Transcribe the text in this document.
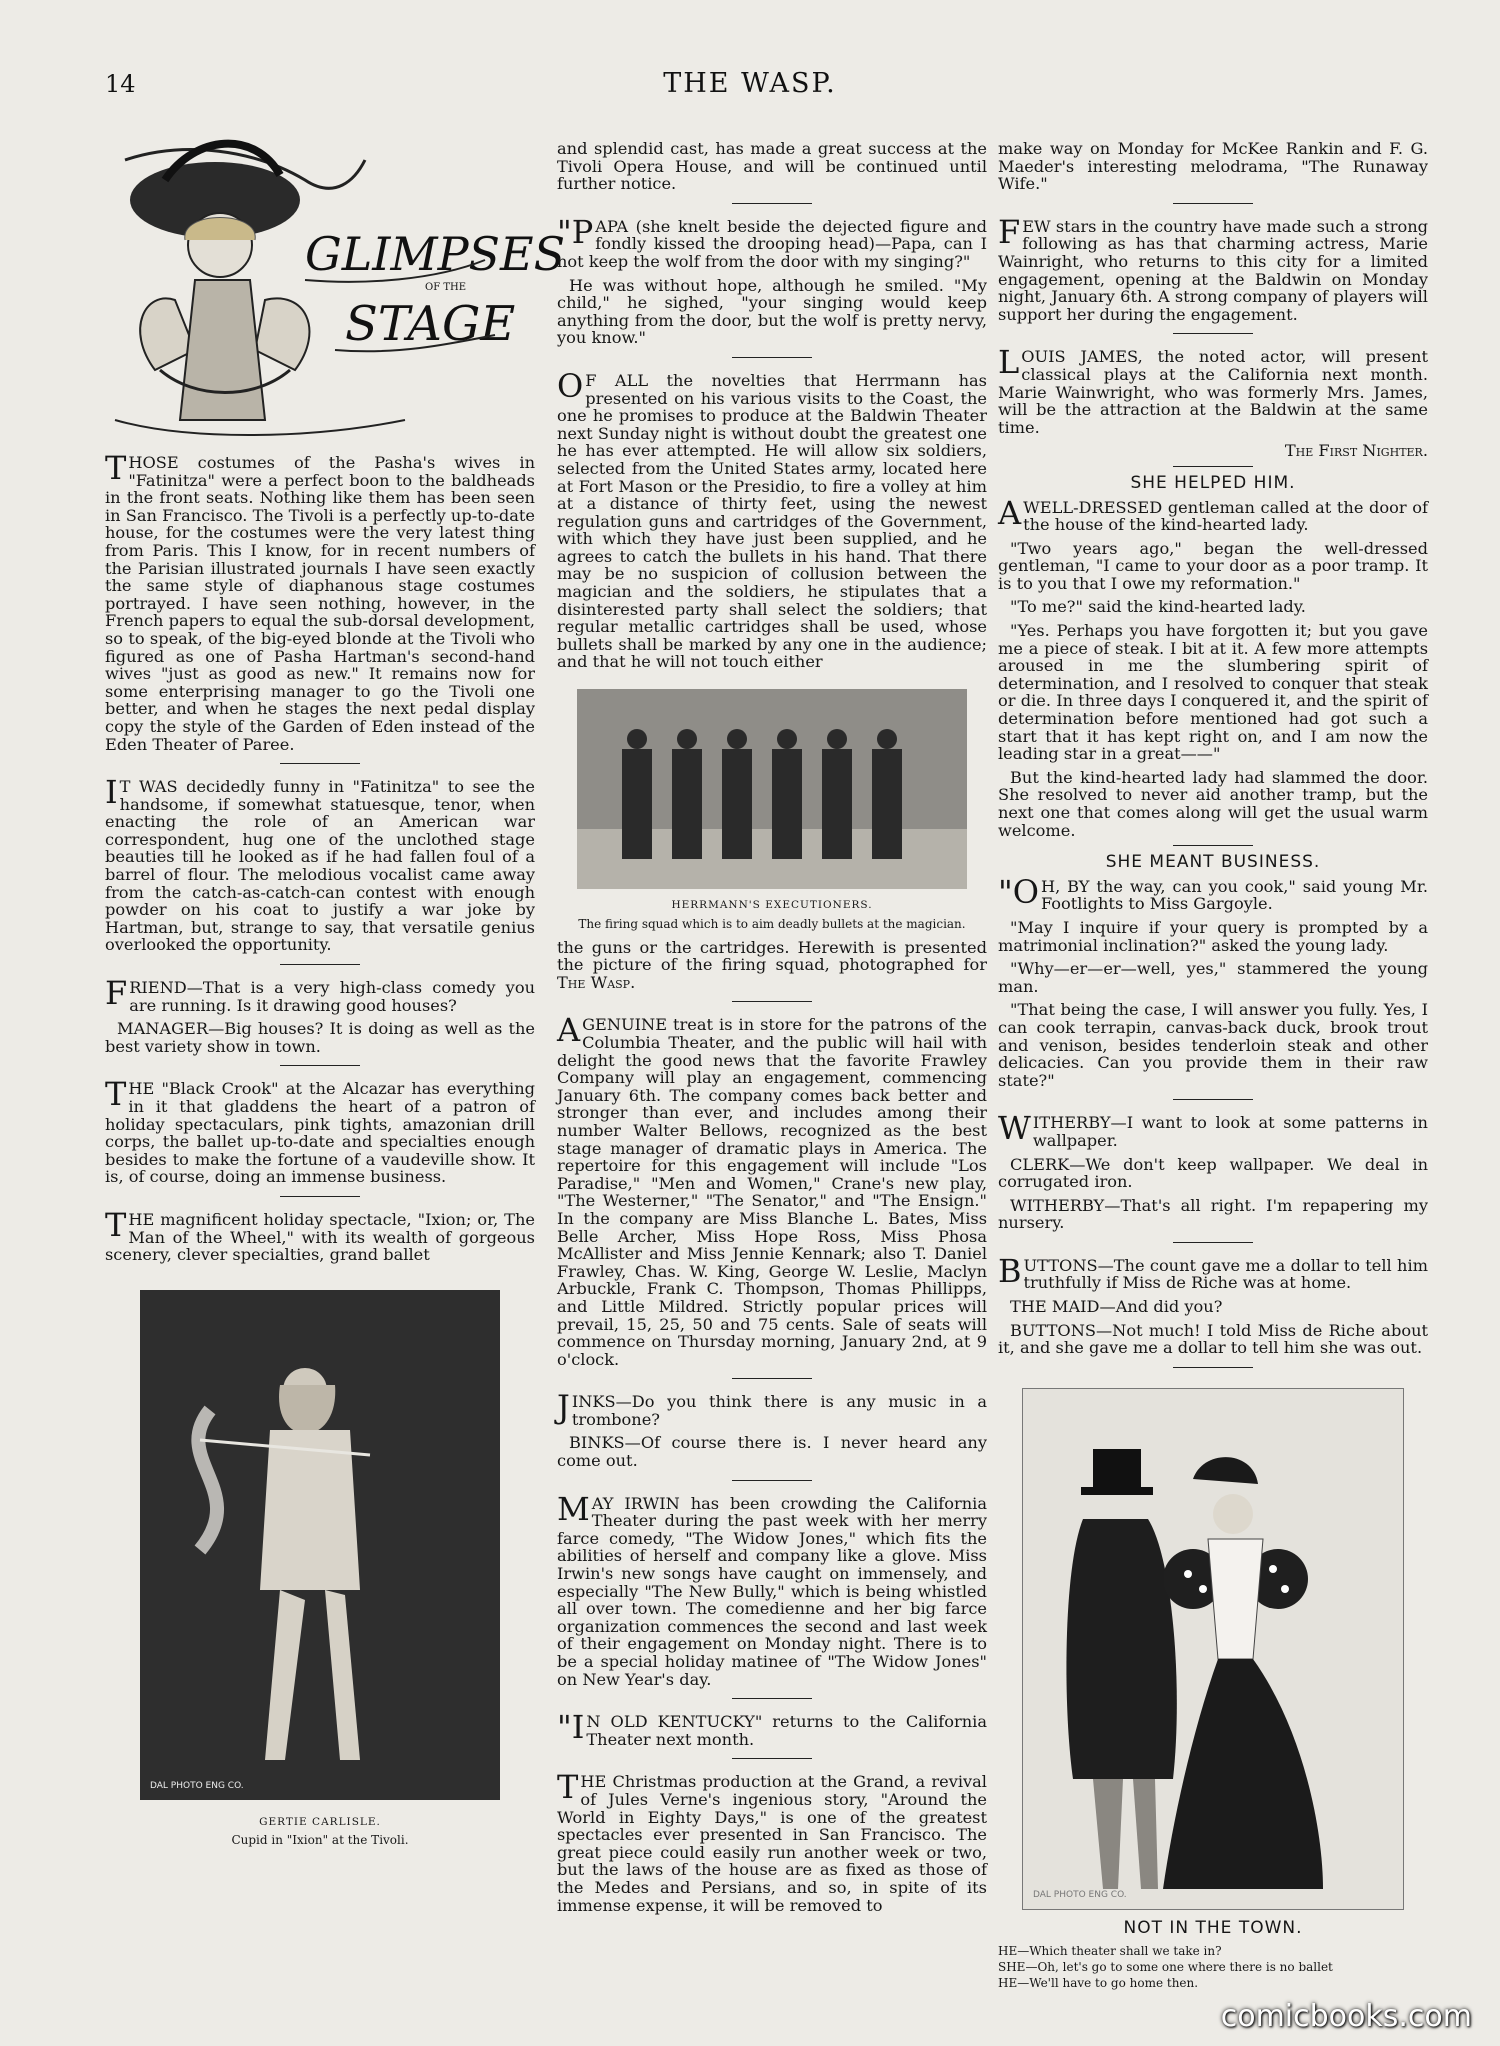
14	THE WASP.
GLIMPSES
OF THE
STAGE

THOSE costumes of the Pasha's wives in "Fatinitza" were a perfect boon to the baldheads in the front seats. Nothing like them has been seen in San Francisco. The Tivoli is a perfectly up-to-date house, for the costumes were the very latest thing from Paris. This I know, for in recent numbers of the Parisian illustrated journals I have seen exactly the same style of diaphanous stage costumes portrayed. I have seen nothing, however, in the French papers to equal the sub-dorsal development, so to speak, of the big-eyed blonde at the Tivoli who figured as one of Pasha Hartman's second-hand wives "just as good as new." It remains now for some enterprising manager to go the Tivoli one better, and when he stages the next pedal display copy the style of the Garden of Eden instead of the Eden Theater of Paree.

IT WAS decidedly funny in "Fatinitza" to see the handsome, if somewhat statuesque, tenor, when enacting the role of an American war correspondent, hug one of the unclothed stage beauties till he looked as if he had fallen foul of a barrel of flour. The melodious vocalist came away from the catch-as-catch-can contest with enough powder on his coat to justify a war joke by Hartman, but, strange to say, that versatile genius overlooked the opportunity.

FRIEND—That is a very high-class comedy you are running. Is it drawing good houses?

MANAGER—Big houses? It is doing as well as the best variety show in town.

THE "Black Crook" at the Alcazar has everything in it that gladdens the heart of a patron of holiday spectaculars, pink tights, amazonian drill corps, the ballet up-to-date and specialties enough besides to make the fortune of a vaudeville show. It is, of course, doing an immense business.

THE magnificent holiday spectacle, "Ixion; or, The Man of the Wheel," with its wealth of gorgeous scenery, clever specialties, grand ballet

DAL PHOTO ENG CO.
GERTIE CARLISLE.
Cupid in "Ixion" at the Tivoli.

and splendid cast, has made a great success at the Tivoli Opera House, and will be continued until further notice.

"PAPA (she knelt beside the dejected figure and fondly kissed the drooping head)—Papa, can I not keep the wolf from the door with my singing?"

He was without hope, although he smiled. "My child," he sighed, "your singing would keep anything from the door, but the wolf is pretty nervy, you know."

OF ALL the novelties that Herrmann has presented on his various visits to the Coast, the one he promises to produce at the Baldwin Theater next Sunday night is without doubt the greatest one he has ever attempted. He will allow six soldiers, selected from the United States army, located here at Fort Mason or the Presidio, to fire a volley at him at a distance of thirty feet, using the newest regulation guns and cartridges of the Government, with which they have just been supplied, and he agrees to catch the bullets in his hand. That there may be no suspicion of collusion between the magician and the soldiers, he stipulates that a disinterested party shall select the soldiers; that regular metallic cartridges shall be used, whose bullets shall be marked by any one in the audience; and that he will not touch either

HERRMANN'S EXECUTIONERS.
The firing squad which is to aim deadly bullets at the magician.

the guns or the cartridges. Herewith is presented the picture of the firing squad, photographed for The Wasp.

AGENUINE treat is in store for the patrons of the Columbia Theater, and the public will hail with delight the good news that the favorite Frawley Company will play an engagement, commencing January 6th. The company comes back better and stronger than ever, and includes among their number Walter Bellows, recognized as the best stage manager of dramatic plays in America. The repertoire for this engagement will include "Los Paradise," "Men and Women," Crane's new play, "The Westerner," "The Senator," and "The Ensign." In the company are Miss Blanche L. Bates, Miss Belle Archer, Miss Hope Ross, Miss Phosa McAllister and Miss Jennie Kennark; also T. Daniel Frawley, Chas. W. King, George W. Leslie, Maclyn Arbuckle, Frank C. Thompson, Thomas Phillipps, and Little Mildred. Strictly popular prices will prevail, 15, 25, 50 and 75 cents. Sale of seats will commence on Thursday morning, January 2nd, at 9 o'clock.

JINKS—Do you think there is any music in a trombone?

BINKS—Of course there is. I never heard any come out.

MAY IRWIN has been crowding the California Theater during the past week with her merry farce comedy, "The Widow Jones," which fits the abilities of herself and company like a glove. Miss Irwin's new songs have caught on immensely, and especially "The New Bully," which is being whistled all over town. The comedienne and her big farce organization commences the second and last week of their engagement on Monday night. There is to be a special holiday matinee of "The Widow Jones" on New Year's day.

"IN OLD KENTUCKY" returns to the California Theater next month.

THE Christmas production at the Grand, a revival of Jules Verne's ingenious story, "Around the World in Eighty Days," is one of the greatest spectacles ever presented in San Francisco. The great piece could easily run another week or two, but the laws of the house are as fixed as those of the Medes and Persians, and so, in spite of its immense expense, it will be removed to

make way on Monday for McKee Rankin and F. G. Maeder's interesting melodrama, "The Runaway Wife."

FEW stars in the country have made such a strong following as has that charming actress, Marie Wainright, who returns to this city for a limited engagement, opening at the Baldwin on Monday night, January 6th. A strong company of players will support her during the engagement.

LOUIS JAMES, the noted actor, will present classical plays at the California next month. Marie Wainwright, who was formerly Mrs. James, will be the attraction at the Baldwin at the same time.

The First Nighter.

SHE HELPED HIM.

AWELL-DRESSED gentleman called at the door of the house of the kind-hearted lady.

"Two years ago," began the well-dressed gentleman, "I came to your door as a poor tramp. It is to you that I owe my reformation."

"To me?" said the kind-hearted lady.

"Yes. Perhaps you have forgotten it; but you gave me a piece of steak. I bit at it. A few more attempts aroused in me the slumbering spirit of determination, and I resolved to conquer that steak or die. In three days I conquered it, and the spirit of determination before mentioned had got such a start that it has kept right on, and I am now the leading star in a great——"

But the kind-hearted lady had slammed the door. She resolved to never aid another tramp, but the next one that comes along will get the usual warm welcome.

SHE MEANT BUSINESS.

"OH, BY the way, can you cook," said young Mr. Footlights to Miss Gargoyle.

"May I inquire if your query is prompted by a matrimonial inclination?" asked the young lady.

"Why—er—er—well, yes," stammered the young man.

"That being the case, I will answer you fully. Yes, I can cook terrapin, canvas-back duck, brook trout and venison, besides tenderloin steak and other delicacies. Can you provide them in their raw state?"

WITHERBY—I want to look at some patterns in wallpaper.

CLERK—We don't keep wallpaper. We deal in corrugated iron.

WITHERBY—That's all right. I'm repapering my nursery.

BUTTONS—The count gave me a dollar to tell him truthfully if Miss de Riche was at home.

THE MAID—And did you?

BUTTONS—Not much! I told Miss de Riche about it, and she gave me a dollar to tell him she was out.

DAL PHOTO ENG CO.
NOT IN THE TOWN.

HE—Which theater shall we take in?

SHE—Oh, let's go to some one where there is no ballet

HE—We'll have to go home then.

comicbooks.com
